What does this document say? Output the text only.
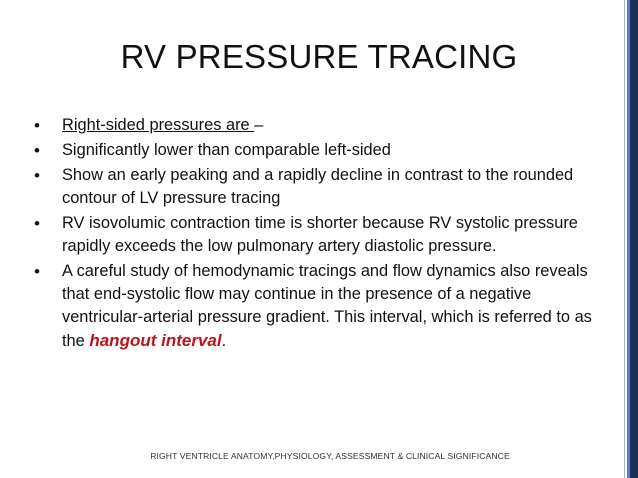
RV PRESSURE TRACING
• Right-sided pressures are –
• Significantly lower than comparable left-sided
• Show an early peaking and a rapidly decline in contrast to the rounded contour of LV pressure tracing
• RV isovolumic contraction time is shorter because RV systolic pressure rapidly exceeds the low pulmonary artery diastolic pressure.
• A careful study of hemodynamic tracings and flow dynamics also reveals that end-systolic flow may continue in the presence of a negative ventricular-arterial pressure gradient. This interval, which is referred to as the hangout interval.
RIGHT VENTRICLE ANATOMY,PHYSIOLOGY, ASSESSMENT & CLINICAL SIGNIFICANCE
